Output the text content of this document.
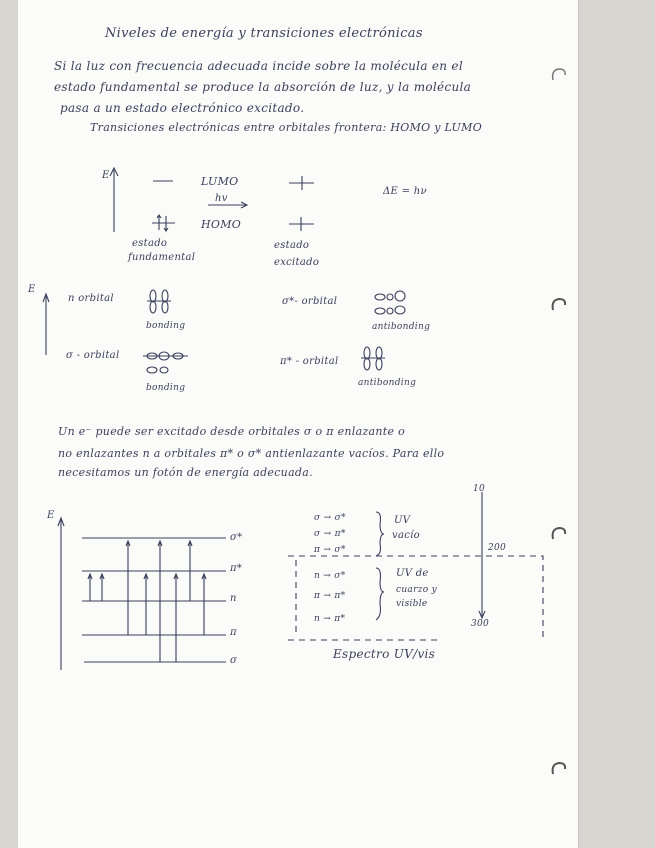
Niveles de energía y transiciones electrónicas
Si la luz con frecuencia adecuada incide sobre la molécula en el
estado fundamental se produce la absorción de luz, y la molécula
pasa a un estado electrónico excitado.
Transiciones electrónicas entre orbitales frontera: HOMO y LUMO
E	LUMO
hv
HOMO
ΔE = hν
estado
fundamental
estado
excitado
E
n orbital
bonding
σ*- orbital
antibonding
σ - orbital
bonding
π* - orbital
antibonding
Un e⁻ puede ser excitado desde orbitales σ o π enlazante o
no enlazantes n a orbitales π* o σ* antienlazante vacíos. Para ello
necesitamos un fotón de energía adecuada.
E
σ*
π*
n
π
σ
σ → σ*
σ → π*
π → σ*
UV
vacío
n → σ*
π → π*
n → π*
UV de
cuarzo y
visible
10
200
300
Espectro UV/vis
